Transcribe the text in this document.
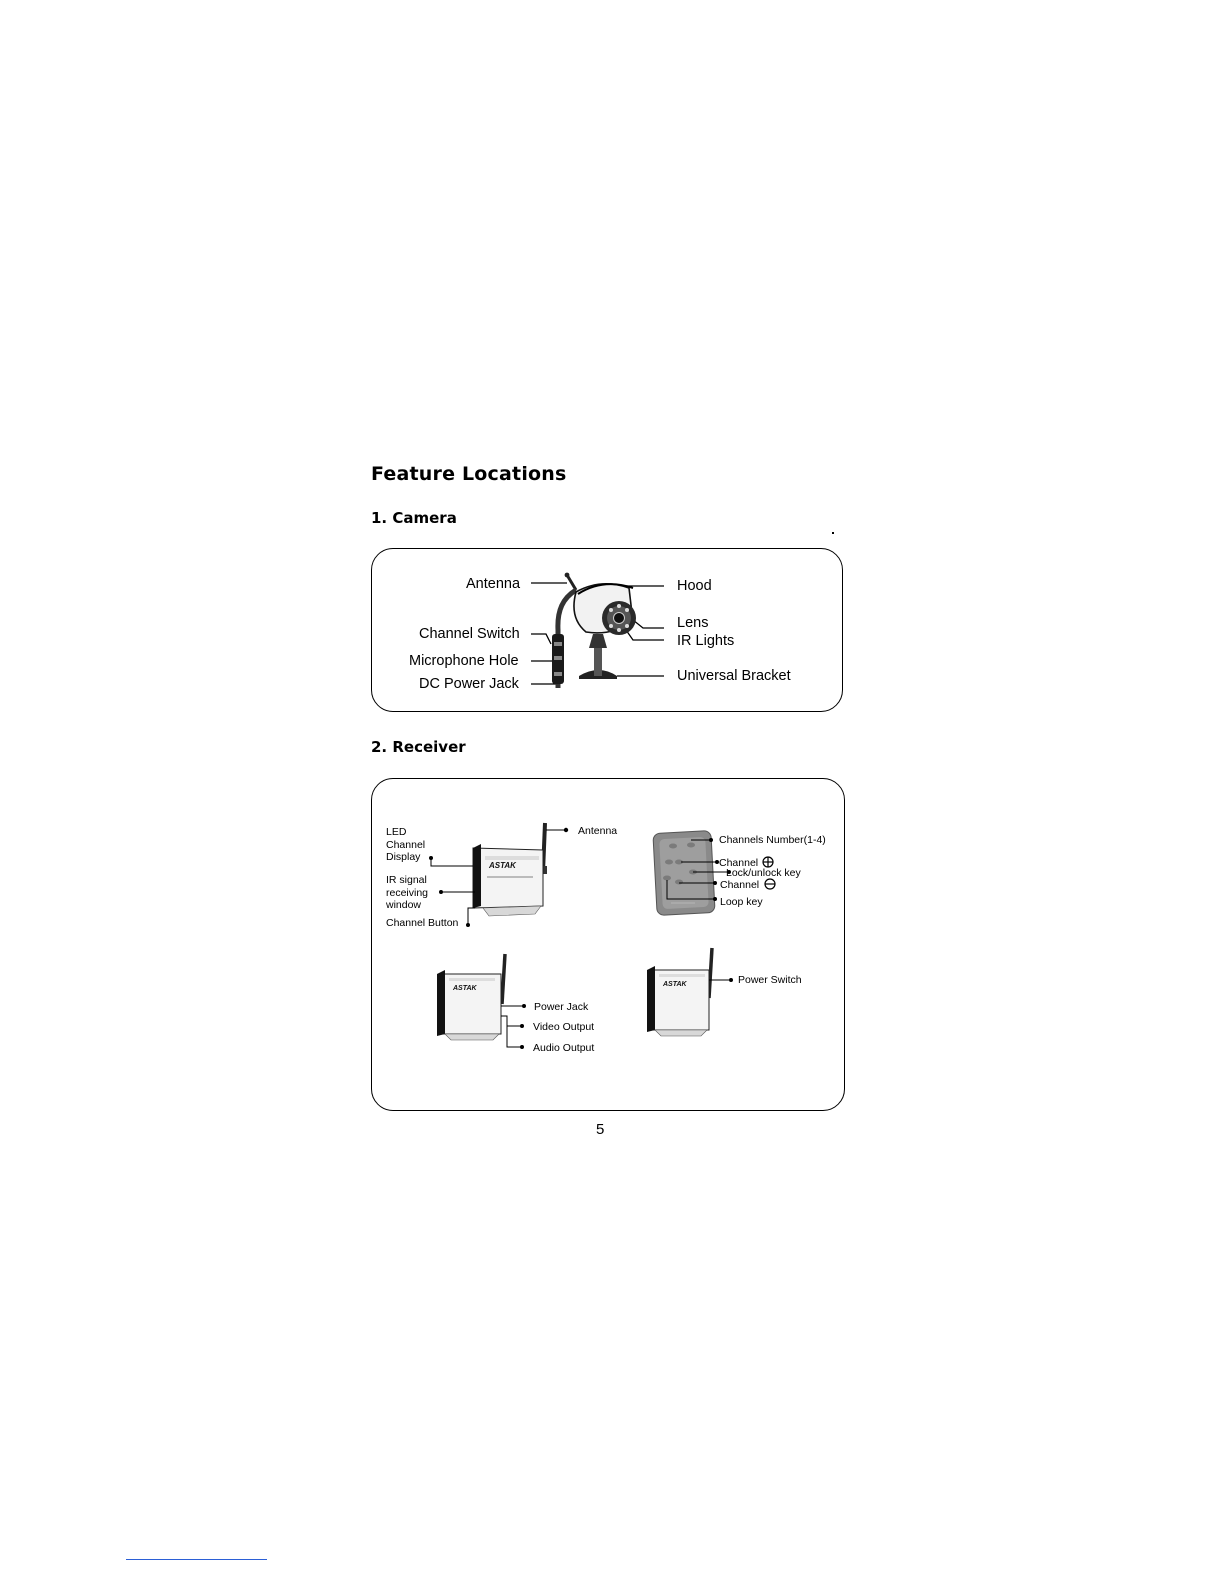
Feature Locations
1. Camera
Antenna
Channel Switch
Microphone Hole
DC Power Jack
Hood
Lens
IR Lights
Universal Bracket
2. Receiver
ASTAK
ASTAK
ASTAK
LED
Channel
Display
IR signal
receiving
window
Channel Button
Antenna
Channels Number(1-4)
Channel
Lock/unlock key
Channel
Loop key
Power Jack
Video Output
Audio Output
Power Switch
5
